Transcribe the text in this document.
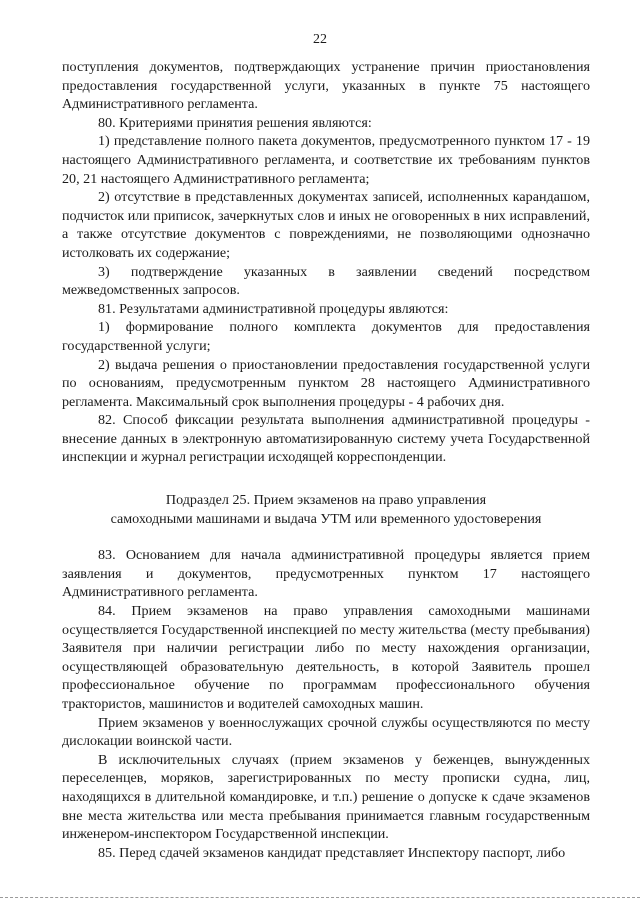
22

поступления документов, подтверждающих устранение причин приостановления предоставления государственной услуги, указанных в пункте 75 настоящего Административного регламента.

80. Критериями принятия решения являются:

1) представление полного пакета документов, предусмотренного пунктом 17 - 19 настоящего Административного регламента, и соответствие их требованиям пунктов 20, 21 настоящего Административного регламента;

2) отсутствие в представленных документах записей, исполненных карандашом, подчисток или приписок, зачеркнутых слов и иных не оговоренных в них исправлений, а также отсутствие документов с повреждениями, не позволяющими однозначно истолковать их содержание;

3) подтверждение указанных в заявлении сведений посредством межведомственных запросов.

81. Результатами административной процедуры являются:

1) формирование полного комплекта документов для предоставления государственной услуги;

2) выдача решения о приостановлении предоставления государственной услуги по основаниям, предусмотренным пунктом 28 настоящего Административного регламента. Максимальный срок выполнения процедуры - 4 рабочих дня.

82. Способ фиксации результата выполнения административной процедуры - внесение данных в электронную автоматизированную систему учета Государственной инспекции и журнал регистрации исходящей корреспонденции.

Подраздел 25. Прием экзаменов на право управления

самоходными машинами и выдача УТМ или временного удостоверения

83. Основанием для начала административной процедуры является прием заявления и документов, предусмотренных пунктом 17 настоящего Административного регламента.

84. Прием экзаменов на право управления самоходными машинами осуществляется Государственной инспекцией по месту жительства (месту пребывания) Заявителя при наличии регистрации либо по месту нахождения организации, осуществляющей образовательную деятельность, в которой Заявитель прошел профессиональное обучение по программам профессионального обучения трактористов, машинистов и водителей самоходных машин.

Прием экзаменов у военнослужащих срочной службы осуществляются по месту дислокации воинской части.

В исключительных случаях (прием экзаменов у беженцев, вынужденных переселенцев, моряков, зарегистрированных по месту прописки судна, лиц, находящихся в длительной командировке, и т.п.) решение о допуске к сдаче экзаменов вне места жительства или места пребывания принимается главным государственным инженером-инспектором Государственной инспекции.

85. Перед сдачей экзаменов кандидат представляет Инспектору паспорт, либо
